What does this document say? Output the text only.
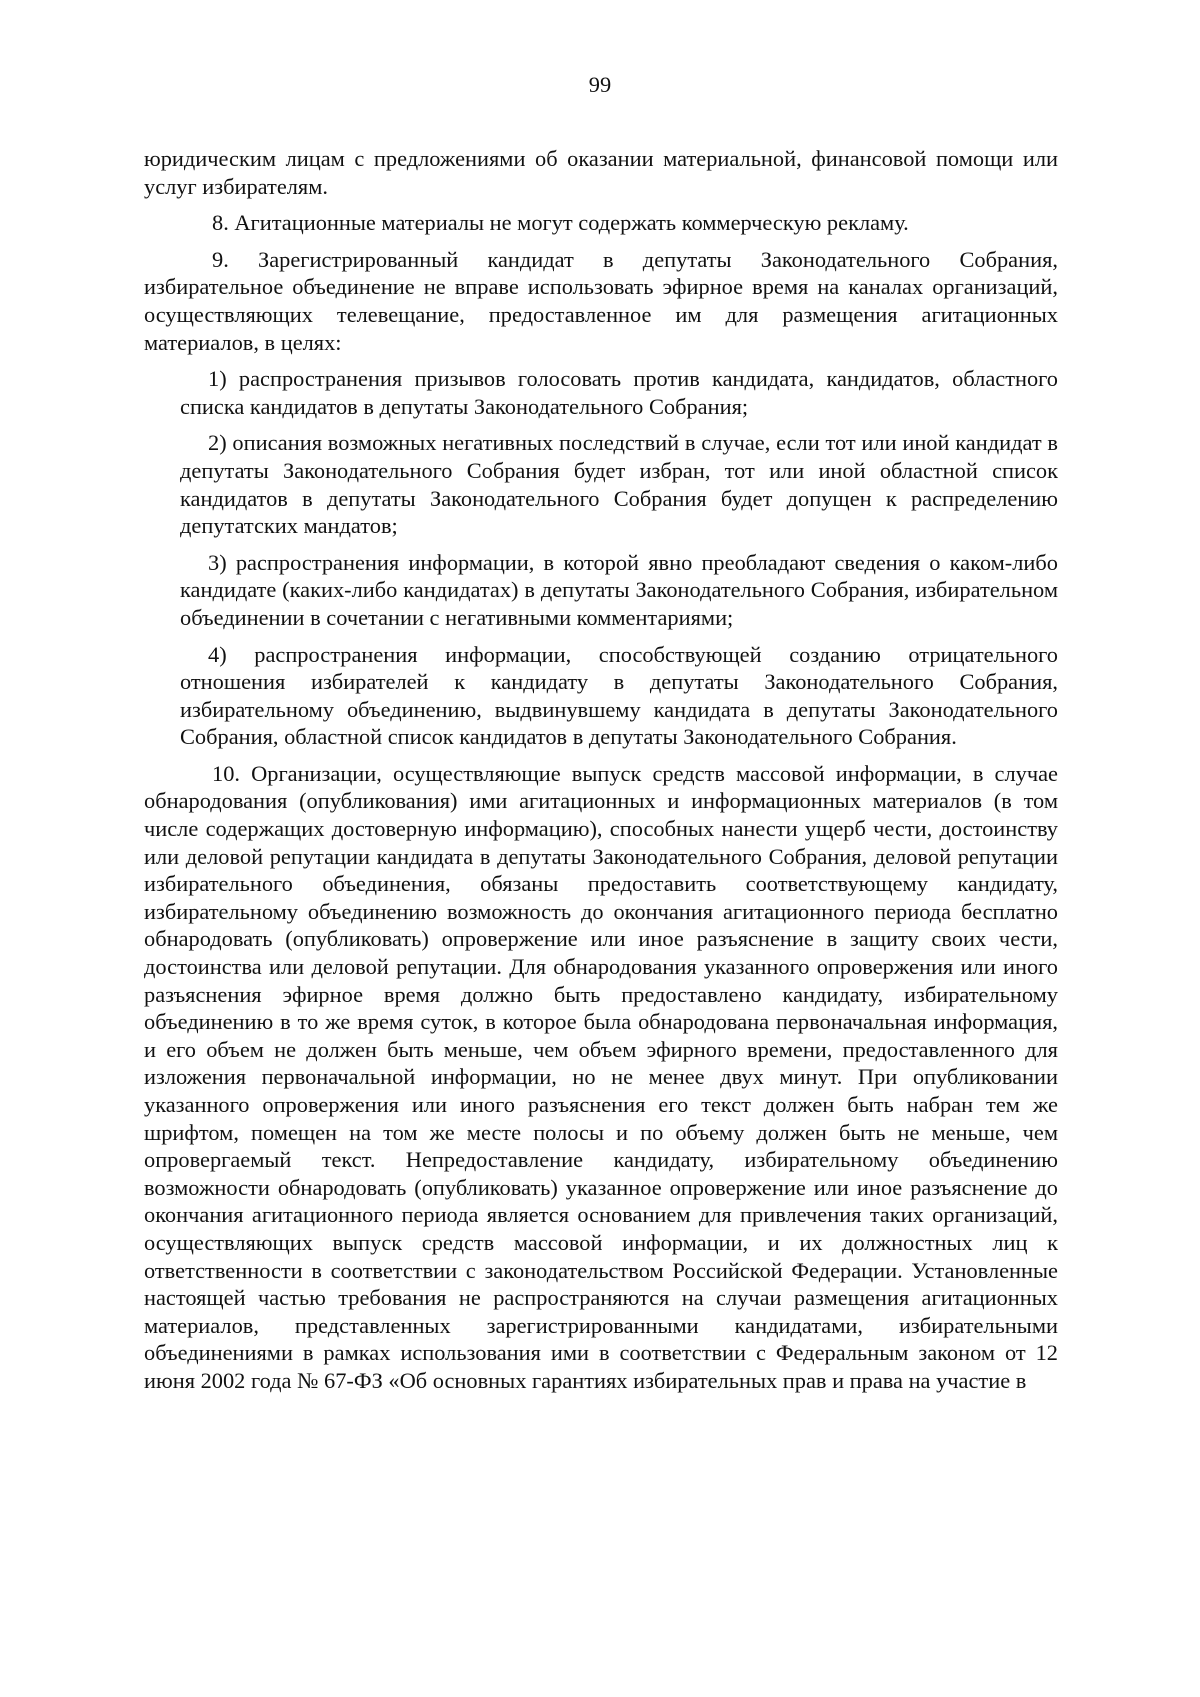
99

юридическим лицам с предложениями об оказании материальной, финансовой помощи или услуг избирателям.

8. Агитационные материалы не могут содержать коммерческую рекламу.

9. Зарегистрированный кандидат в депутаты Законодательного Собрания, избирательное объединение не вправе использовать эфирное время на каналах организаций, осуществляющих телевещание, предоставленное им для размещения агитационных материалов, в целях:

1) распространения призывов голосовать против кандидата, кандидатов, областного списка кандидатов в депутаты Законодательного Собрания;

2) описания возможных негативных последствий в случае, если тот или иной кандидат в депутаты Законодательного Собрания будет избран, тот или иной областной список кандидатов в депутаты Законодательного Собрания будет допущен к распределению депутатских мандатов;

3) распространения информации, в которой явно преобладают сведения о каком-либо кандидате (каких-либо кандидатах) в депутаты Законодательного Собрания, избирательном объединении в сочетании с негативными комментариями;

4) распространения информации, способствующей созданию отрицательного отношения избирателей к кандидату в депутаты Законодательного Собрания, избирательному объединению, выдвинувшему кандидата в депутаты Законодательного Собрания, областной список кандидатов в депутаты Законодательного Собрания.

10. Организации, осуществляющие выпуск средств массовой информации, в случае обнародования (опубликования) ими агитационных и информационных материалов (в том числе содержащих достоверную информацию), способных нанести ущерб чести, достоинству или деловой репутации кандидата в депутаты Законодательного Собрания, деловой репутации избирательного объединения, обязаны предоставить соответствующему кандидату, избирательному объединению возможность до окончания агитационного периода бесплатно обнародовать (опубликовать) опровержение или иное разъяснение в защиту своих чести, достоинства или деловой репутации. Для обнародования указанного опровержения или иного разъяснения эфирное время должно быть предоставлено кандидату, избирательному объединению в то же время суток, в которое была обнародована первоначальная информация, и его объем не должен быть меньше, чем объем эфирного времени, предоставленного для изложения первоначальной информации, но не менее двух минут. При опубликовании указанного опровержения или иного разъяснения его текст должен быть набран тем же шрифтом, помещен на том же месте полосы и по объему должен быть не меньше, чем опровергаемый текст. Непредоставление кандидату, избирательному объединению возможности обнародовать (опубликовать) указанное опровержение или иное разъяснение до окончания агитационного периода является основанием для привлечения таких организаций, осуществляющих выпуск средств массовой информации, и их должностных лиц к ответственности в соответствии с законодательством Российской Федерации. Установленные настоящей частью требования не распространяются на случаи размещения агитационных материалов, представленных зарегистрированными кандидатами, избирательными объединениями в рамках использования ими в соответствии с Федеральным законом от 12 июня 2002 года № 67-ФЗ «Об основных гарантиях избирательных прав и права на участие в
